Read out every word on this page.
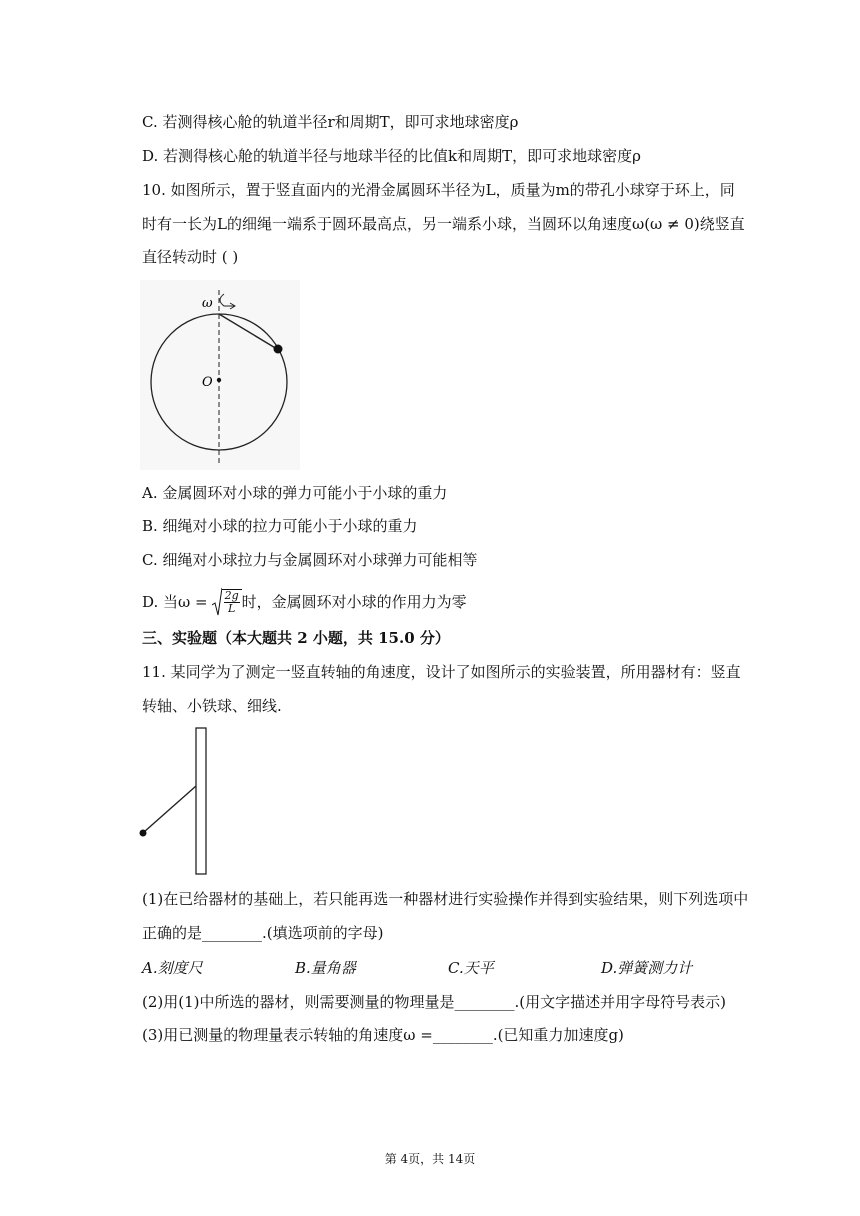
C. 若测得核心舱的轨道半径r和周期T，即可求地球密度ρ
D. 若测得核心舱的轨道半径与地球半径的比值k和周期T，即可求地球密度ρ
10. 如图所示，置于竖直面内的光滑金属圆环半径为L，质量为m的带孔小球穿于环上，同
时有一长为L的细绳一端系于圆环最高点，另一端系小球，当圆环以角速度ω(ω ≠ 0)绕竖直
直径转动时 ( )
O
ω
A. 金属圆环对小球的弹力可能小于小球的重力
B. 细绳对小球的拉力可能小于小球的重力
C. 细绳对小球拉力与金属圆环对小球弹力可能相等
D. 当$\omega = \frac{2g}{L}$ 时，金属圆环对小球的作用力为零
三、实验题（本大题共 2 小题，共 15.0 分）
11. 某同学为了测定一竖直转轴的角速度，设计了如图所示的实验装置，所用器材有：竖直
转轴、小铁球、细线.
(1)在已给器材的基础上，若只能再选一种器材进行实验操作并得到实验结果，则下列选项中
正确的是________.(填选项前的字母)
A.刻度尺	B.量角器	C.天平	D.弹簧测力计
(2)用(1)中所选的器材，则需要测量的物理量是________.(用文字描述并用字母符号表示)
(3)用已测量的物理量表示转轴的角速度ω =________.(已知重力加速度g)
第 4页，共 14页
